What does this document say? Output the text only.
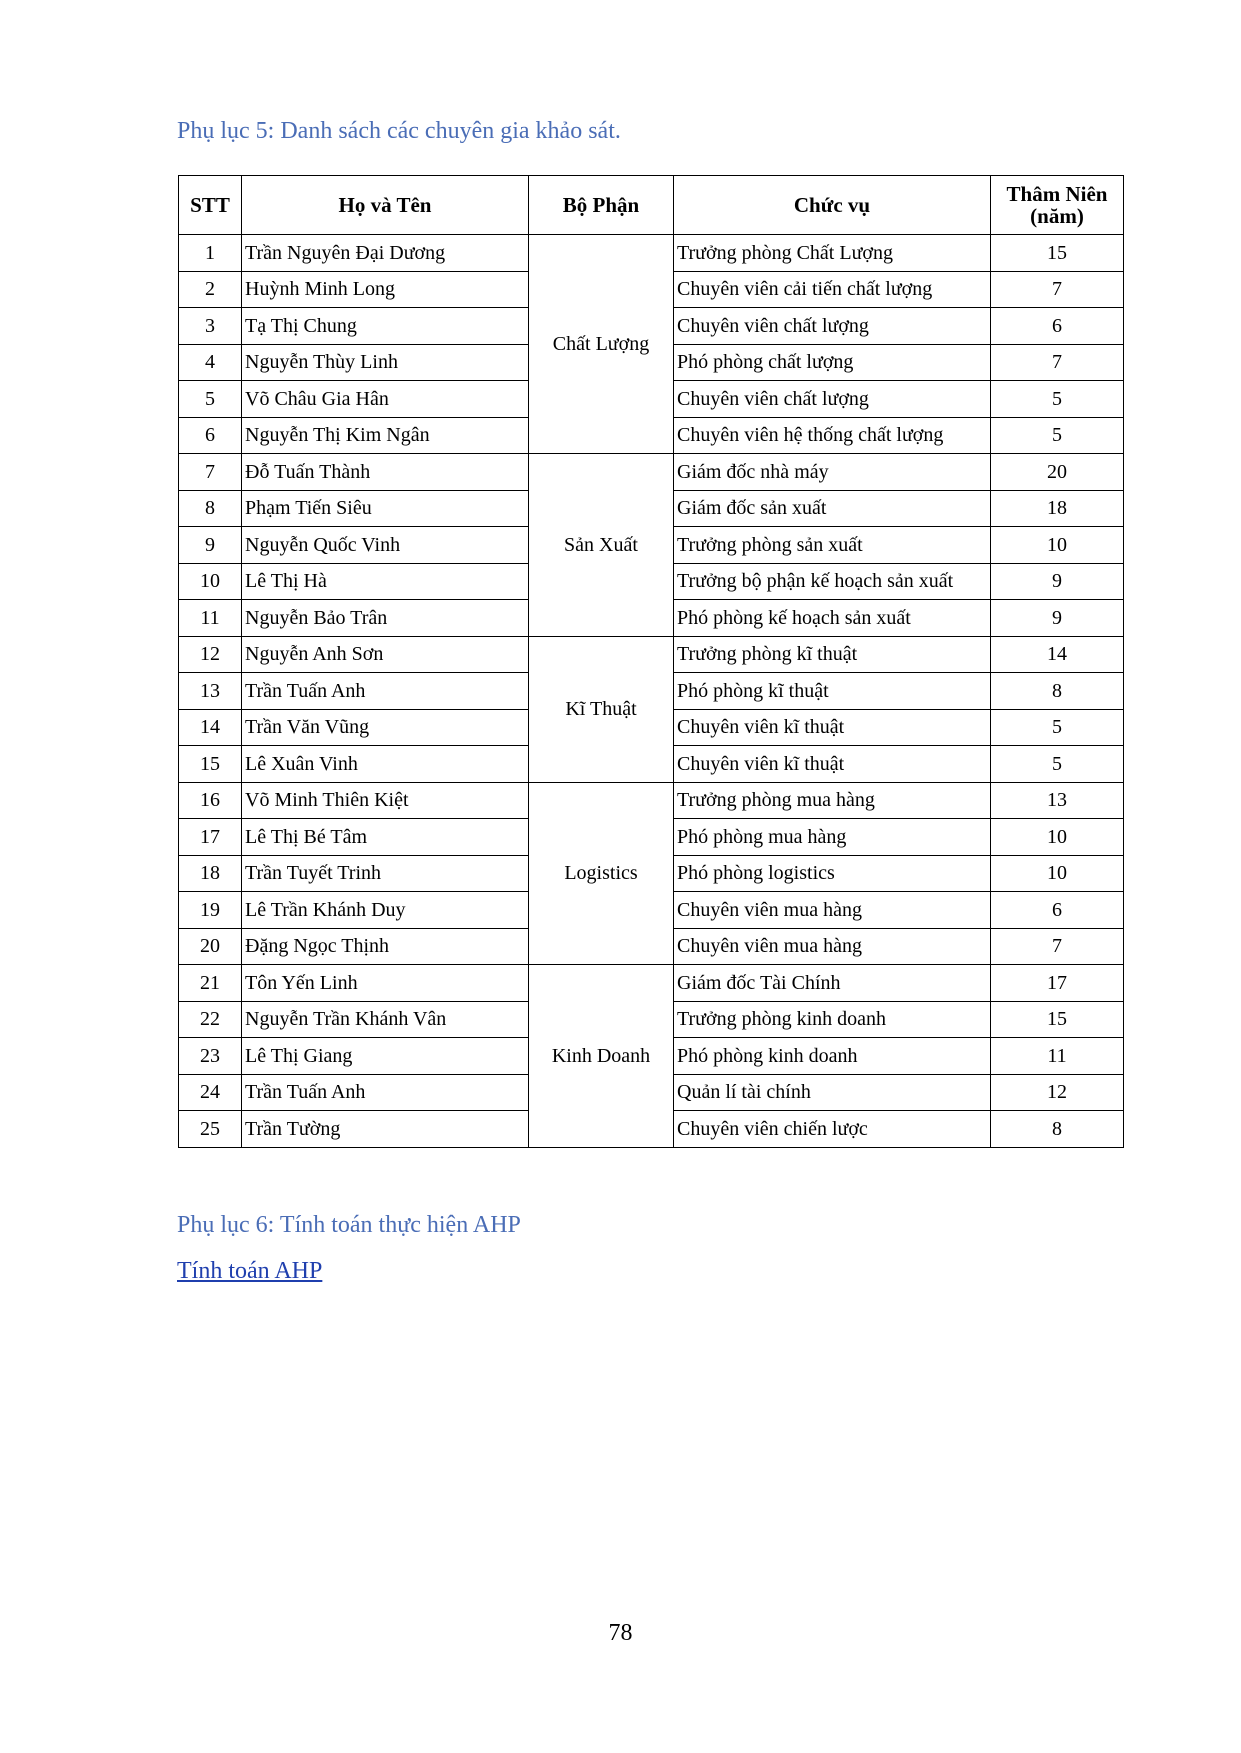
Phụ lục 5: Danh sách các chuyên gia khảo sát.
STT	Họ và Tên	Bộ Phận	Chức vụ	Thâm Niên
(năm)
1	Trần Nguyên Đại Dương	Chất Lượng	Trưởng phòng Chất Lượng	15
2	Huỳnh Minh Long		Chuyên viên cải tiến chất lượng	7
3	Tạ Thị Chung		Chuyên viên chất lượng	6
4	Nguyễn Thùy Linh		Phó phòng chất lượng	7
5	Võ Châu Gia Hân		Chuyên viên chất lượng	5
6	Nguyễn Thị Kim Ngân		Chuyên viên hệ thống chất lượng	5
7	Đỗ Tuấn Thành	Sản Xuất	Giám đốc nhà máy	20
8	Phạm Tiến Siêu		Giám đốc sản xuất	18
9	Nguyễn Quốc Vinh		Trưởng phòng sản xuất	10
10	Lê Thị Hà		Trưởng bộ phận kế hoạch sản xuất	9
11	Nguyễn Bảo Trân		Phó phòng kế hoạch sản xuất	9
12	Nguyễn Anh Sơn	Kĩ Thuật	Trưởng phòng kĩ thuật	14
13	Trần Tuấn Anh		Phó phòng kĩ thuật	8
14	Trần Văn Vũng		Chuyên viên kĩ thuật	5
15	Lê Xuân Vinh		Chuyên viên kĩ thuật	5
16	Võ Minh Thiên Kiệt	Logistics	Trưởng phòng mua hàng	13
17	Lê Thị Bé Tâm		Phó phòng mua hàng	10
18	Trần Tuyết Trinh		Phó phòng logistics	10
19	Lê Trần Khánh Duy		Chuyên viên mua hàng	6
20	Đặng Ngọc Thịnh		Chuyên viên mua hàng	7
21	Tôn Yến Linh	Kinh Doanh	Giám đốc Tài Chính	17
22	Nguyễn Trần Khánh Vân		Trưởng phòng kinh doanh	15
23	Lê Thị Giang		Phó phòng kinh doanh	11
24	Trần Tuấn Anh		Quản lí tài chính	12
25	Trần Tường		Chuyên viên chiến lược	8
Phụ lục 6: Tính toán thực hiện AHP
Tính toán AHP
78
